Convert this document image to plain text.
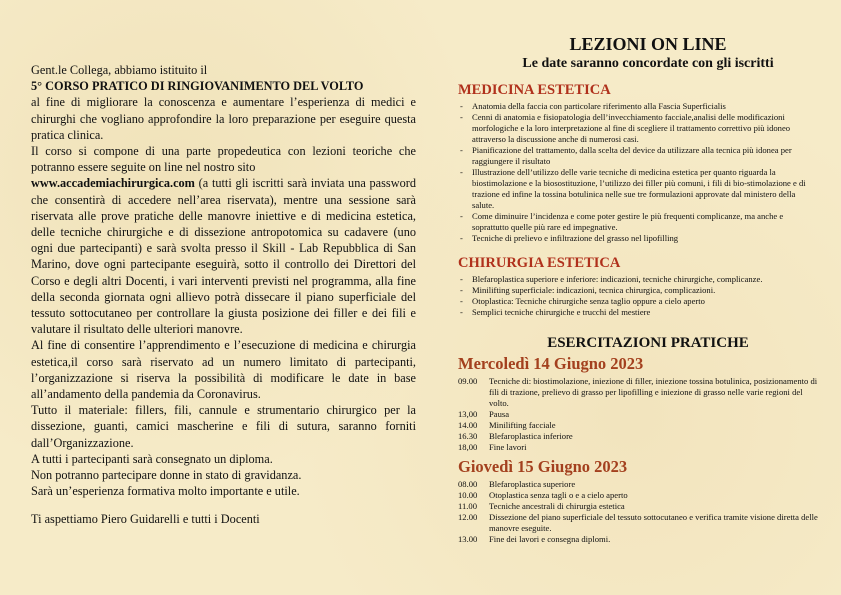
Gent.le Collega, abbiamo istituito il

5° CORSO PRATICO DI RINGIOVANIMENTO DEL VOLTO

al fine di migliorare la conoscenza e aumentare l’esperienza di medici e chirurghi che vogliano approfondire la loro preparazione per eseguire questa pratica clinica.

Il corso si compone di una parte propedeutica con lezioni teoriche che potranno essere seguite on line nel nostro sito
www.accademiachirurgica.com (a tutti gli iscritti sarà inviata una password che consentirà di accedere nell’area riservata), mentre una sessione sarà riservata alle prove pratiche delle manovre iniettive e di medicina estetica, delle tecniche chirurgiche e di dissezione antropotomica su cadavere (uno ogni due partecipanti) e sarà svolta presso il Skill - Lab Repubblica di San Marino, dove ogni partecipante eseguirà, sotto il controllo dei Direttori del Corso e degli altri Docenti, i vari interventi previsti nel programma, alla fine della seconda giornata ogni allievo potrà dissecare il piano superficiale del tessuto sottocutaneo per controllare la giusta posizione dei filler e dei fili e valutare il risultato delle ulteriori manovre.

Al fine di consentire l’apprendimento e l’esecuzione di medicina e chirurgia estetica,il corso sarà riservato ad un numero limitato di partecipanti, l’organizzazione si riserva la possibilità di modificare le date in base all’andamento della pandemia da Coronavirus.

Tutto il materiale: fillers, fili, cannule e strumentario chirurgico per la dissezione, guanti, camici mascherine e fili di sutura, saranno forniti dall’Organizzazione.

A tutti i partecipanti sarà consegnato un diploma.

Non potranno partecipare donne in stato di gravidanza.

Sarà un’esperienza formativa molto importante e utile.

Ti aspettiamo Piero Guidarelli e tutti i Docenti

LEZIONI ON LINE
Le date saranno concordate con gli iscritti
MEDICINA ESTETICA
- Anatomia della faccia con particolare riferimento alla Fascia Superficialis
- Cenni di anatomia e fisiopatologia dell’invecchiamento facciale,analisi delle modificazioni morfologiche e la loro interpretazione al fine di scegliere il trattamento correttivo più idoneo attraverso la discussione anche di numerosi casi.
- Pianificazione del trattamento, dalla scelta del device da utilizzare alla tecnica più idonea per raggiungere il risultato
- Illustrazione dell’utilizzo delle varie tecniche di medicina estetica per quanto riguarda la biostimolazione e la biosostituzione, l’utilizzo dei filler più comuni, i fili di bio-stimolazione e di trazione ed infine la tossina botulinica nelle sue tre formulazioni approvate dal ministero della salute.
- Come diminuire l’incidenza e come poter gestire le più frequenti complicanze, ma anche e soprattutto quelle più rare ed impegnative.
- Tecniche di prelievo e infiltrazione del grasso nel lipofilling
CHIRURGIA ESTETICA
- Blefaroplastica superiore e inferiore: indicazioni, tecniche chirurgiche, complicanze.
- Minilifting superficiale: indicazioni, tecnica chirurgica, complicazioni.
- Otoplastica: Tecniche chirurgiche senza taglio oppure a cielo aperto
- Semplici tecniche chirurgiche e trucchi del mestiere
ESERCITAZIONI PRATICHE
Mercoledì 14 Giugno 2023
09.00	Tecniche di: biostimolazione, iniezione di filler, iniezione tossina botulinica, posizionamento di fili di trazione, prelievo di grasso per lipofilling e iniezione di grasso nelle varie regioni del volto.
13,00	Pausa
14.00	Minilifting facciale
16.30	Blefaroplastica inferiore
18,00	Fine lavori
Giovedì 15 Giugno 2023
08.00	Blefaroplastica superiore
10.00	Otoplastica senza tagli o e a cielo aperto
11.00	Tecniche ancestrali di chirurgia estetica
12.00	Dissezione del piano superficiale del tessuto sottocutaneo e verifica tramite visione diretta delle manovre eseguite.
13.00	Fine dei lavori e consegna diplomi.
